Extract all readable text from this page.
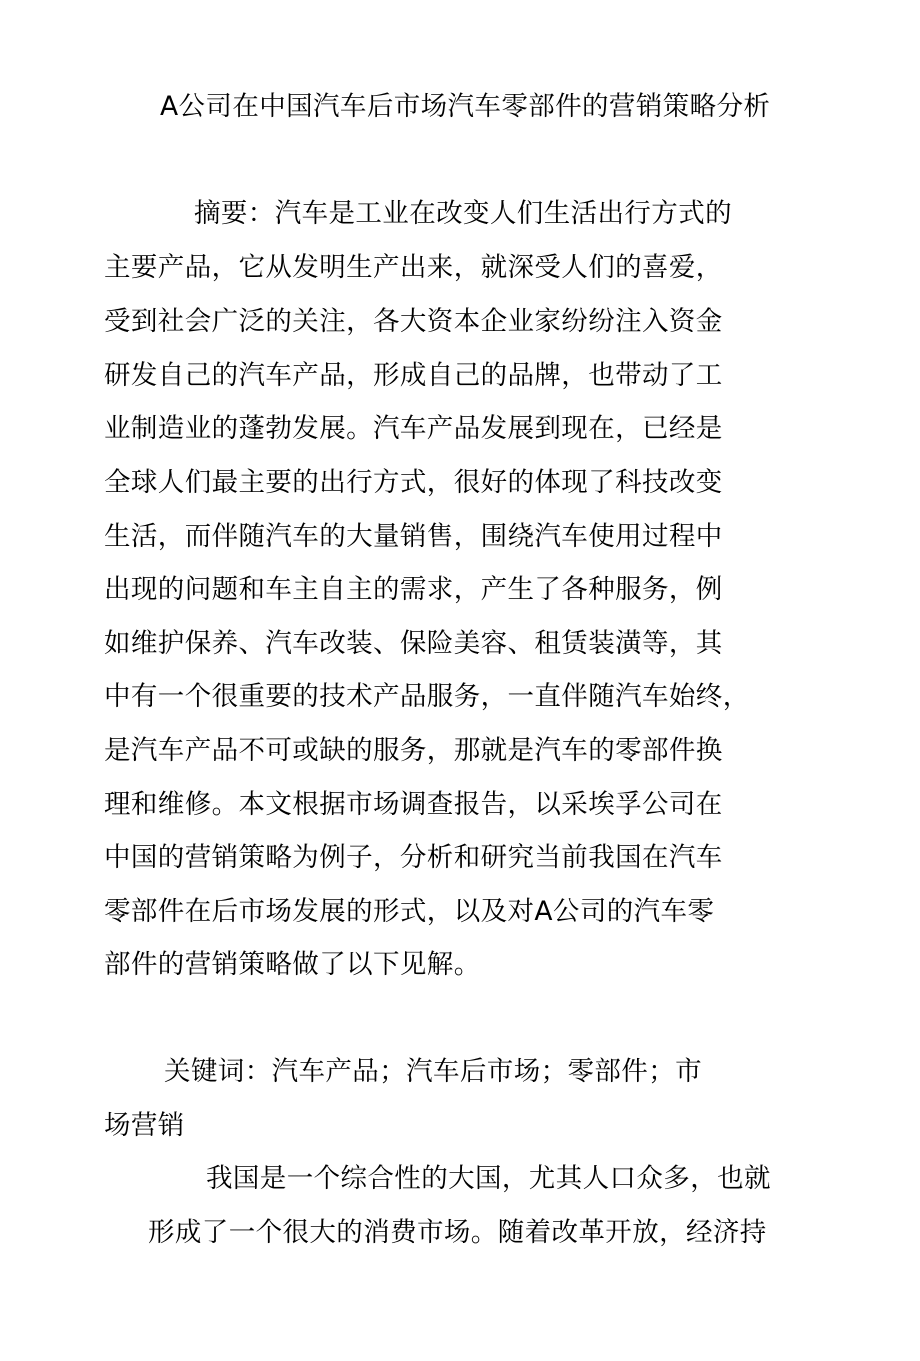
A公司在中国汽车后市场汽车零部件的营销策略分析
摘要：汽车是工业在改变人们生活出行方式的
主要产品，它从发明生产出来，就深受人们的喜爱，
受到社会广泛的关注，各大资本企业家纷纷注入资金
研发自己的汽车产品，形成自己的品牌，也带动了工
业制造业的蓬勃发展。汽车产品发展到现在，已经是
全球人们最主要的出行方式，很好的体现了科技改变
生活，而伴随汽车的大量销售，围绕汽车使用过程中
出现的问题和车主自主的需求，产生了各种服务，例
如维护保养、汽车改装、保险美容、租赁装潢等，其
中有一个很重要的技术产品服务，一直伴随汽车始终，
是汽车产品不可或缺的服务，那就是汽车的零部件换
理和维修。本文根据市场调查报告，以采埃孚公司在
中国的营销策略为例子，分析和研究当前我国在汽车
零部件在后市场发展的形式，以及对A公司的汽车零
部件的营销策略做了以下见解。
关键词：汽车产品；汽车后市场；零部件；市
场营销
我国是一个综合性的大国，尤其人口众多，也就
形成了一个很大的消费市场。随着改革开放，经济持
